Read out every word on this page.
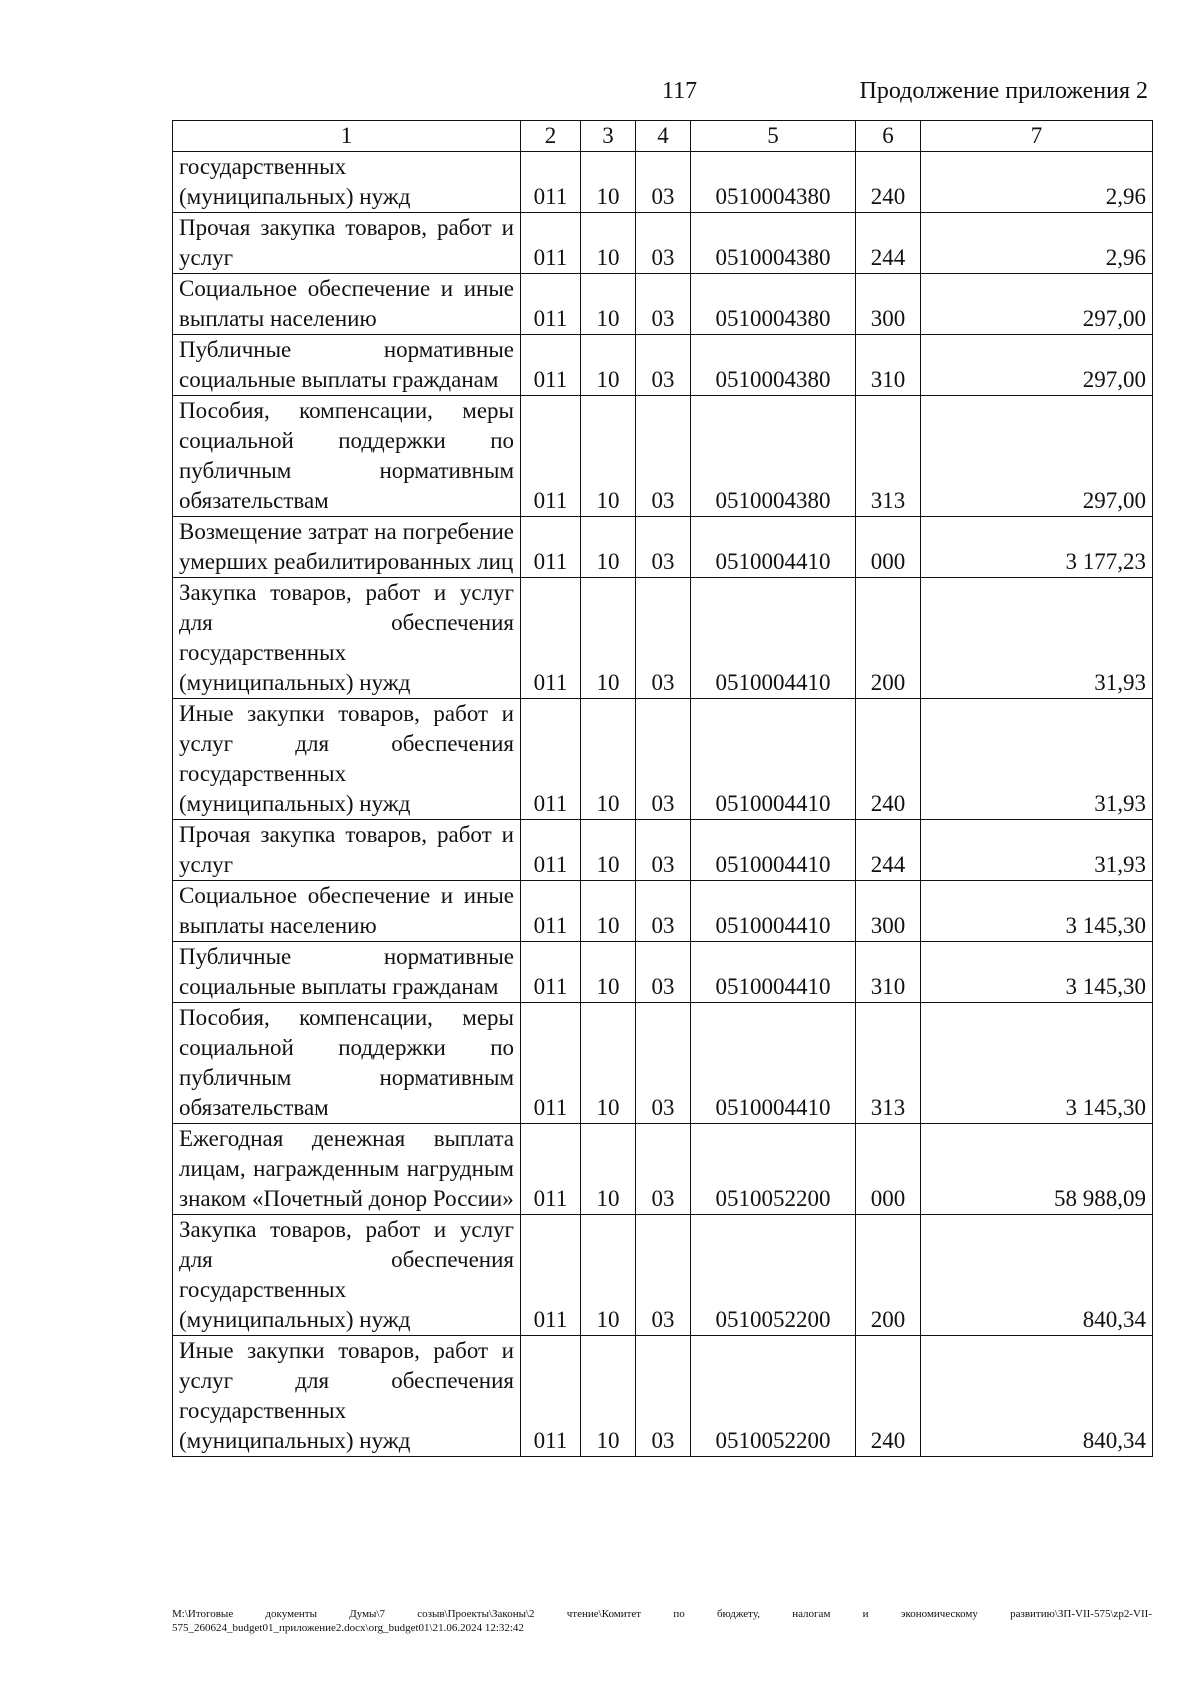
117	Продолжение приложения 2
1	2	3	4	5	6	7
государственных (муниципальных) нужд	011	10	03	0510004380	240	2,96
Прочая закупка товаров, работ и услуг	011	10	03	0510004380	244	2,96
Социальное обеспечение и иные выплаты населению	011	10	03	0510004380	300	297,00
Публичные нормативные социальные выплаты гражданам	011	10	03	0510004380	310	297,00
Пособия, компенсации, меры социальной поддержки по публичным нормативным обязательствам	011	10	03	0510004380	313	297,00
Возмещение затрат на погребение умерших реабилитированных лиц	011	10	03	0510004410	000	3 177,23
Закупка товаров, работ и услуг для обеспечения государственных (муниципальных) нужд	011	10	03	0510004410	200	31,93
Иные закупки товаров, работ и услуг для обеспечения государственных (муниципальных) нужд	011	10	03	0510004410	240	31,93
Прочая закупка товаров, работ и услуг	011	10	03	0510004410	244	31,93
Социальное обеспечение и иные выплаты населению	011	10	03	0510004410	300	3 145,30
Публичные нормативные социальные выплаты гражданам	011	10	03	0510004410	310	3 145,30
Пособия, компенсации, меры социальной поддержки по публичным нормативным обязательствам	011	10	03	0510004410	313	3 145,30
Ежегодная денежная выплата лицам, награжденным нагрудным знаком «Почетный донор России»	011	10	03	0510052200	000	58 988,09
Закупка товаров, работ и услуг для обеспечения государственных (муниципальных) нужд	011	10	03	0510052200	200	840,34
Иные закупки товаров, работ и услуг для обеспечения государственных (муниципальных) нужд	011	10	03	0510052200	240	840,34
M:\Итоговые документы Думы\7 созыв\Проекты\Законы\2 чтение\Комитет по бюджету, налогам и экономическому развитию\ЗП-VII-575\zp2-VII-575_260624_budget01_приложение2.docx\org_budget01\21.06.2024 12:32:42
